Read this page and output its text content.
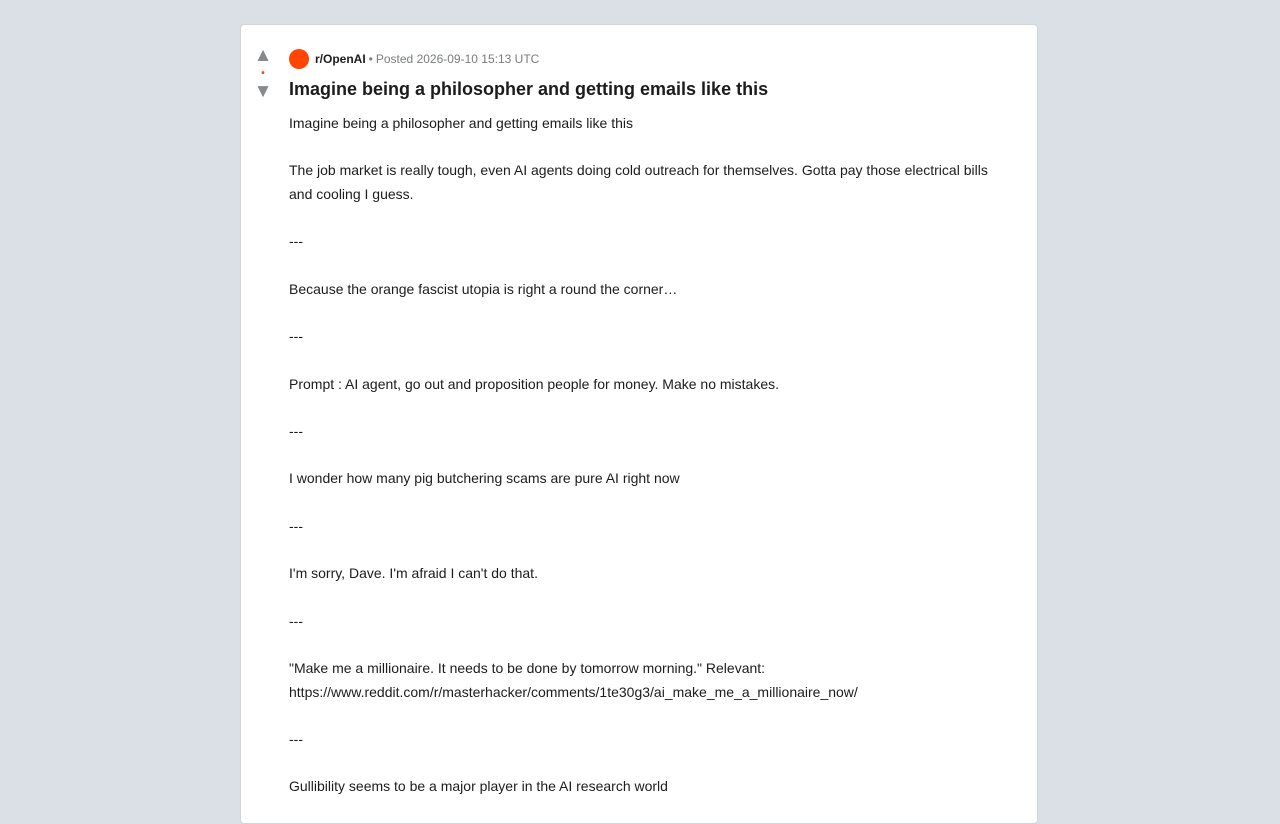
▲
•
▼
r/OpenAI • Posted 2026-09-10 15:13 UTC
Imagine being a philosopher and getting emails like this

Imagine being a philosopher and getting emails like this

The job market is really tough, even AI agents doing cold outreach for themselves. Gotta pay those electrical bills and cooling I guess.

---

Because the orange fascist utopia is right a round the corner…

---

Prompt : AI agent, go out and proposition people for money. Make no mistakes.

---

I wonder how many pig butchering scams are pure AI right now

---

I'm sorry, Dave. I'm afraid I can't do that.

---

"Make me a millionaire. It needs to be done by tomorrow morning." Relevant: https://www.reddit.com/r/masterhacker/comments/1te30g3/ai_make_me_a_millionaire_now/

---

Gullibility seems to be a major player in the AI research world
